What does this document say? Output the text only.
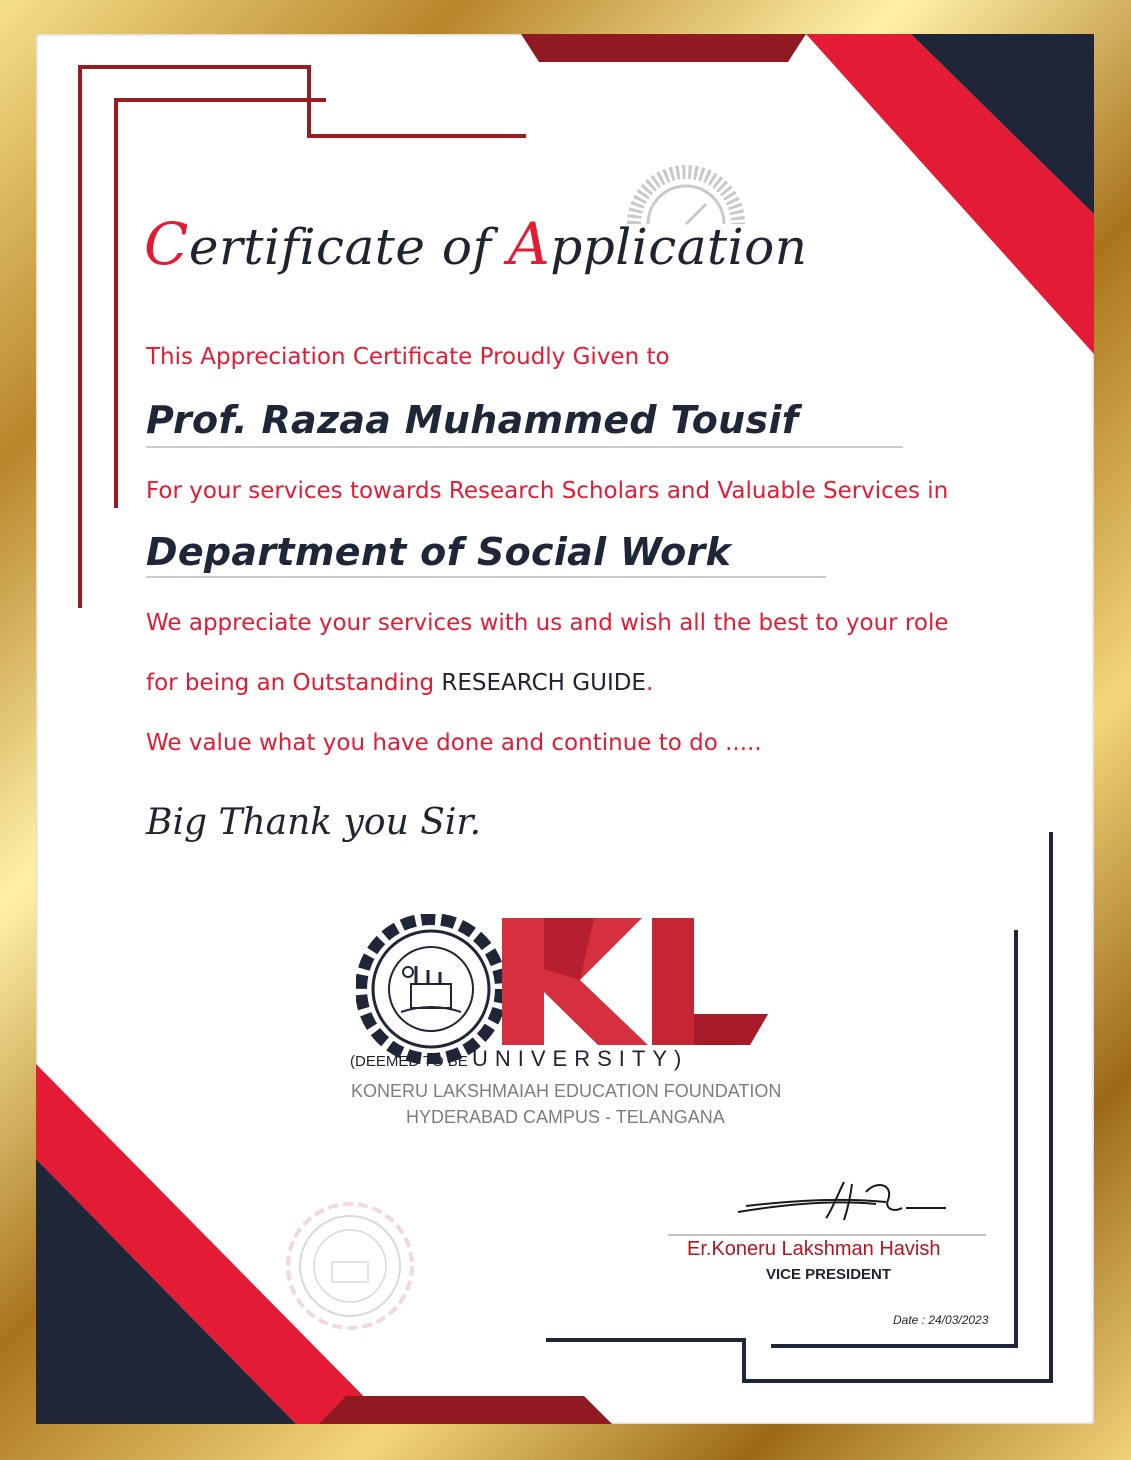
Certificate of Application
This Appreciation Certificate Proudly Given to
Prof. Razaa Muhammed Tousif
For your services towards Research Scholars and Valuable Services in
Department of Social Work
We appreciate your services with us and wish all the best to your role
for being an Outstanding RESEARCH GUIDE.
We value what you have done and continue to do .....
Big Thank you Sir.
(DEEMED TO BE UNIVERSITY)
KONERU LAKSHMAIAH EDUCATION FOUNDATION
HYDERABAD CAMPUS - TELANGANA
Er.Koneru Lakshman Havish
VICE PRESIDENT
Date : 24/03/2023
